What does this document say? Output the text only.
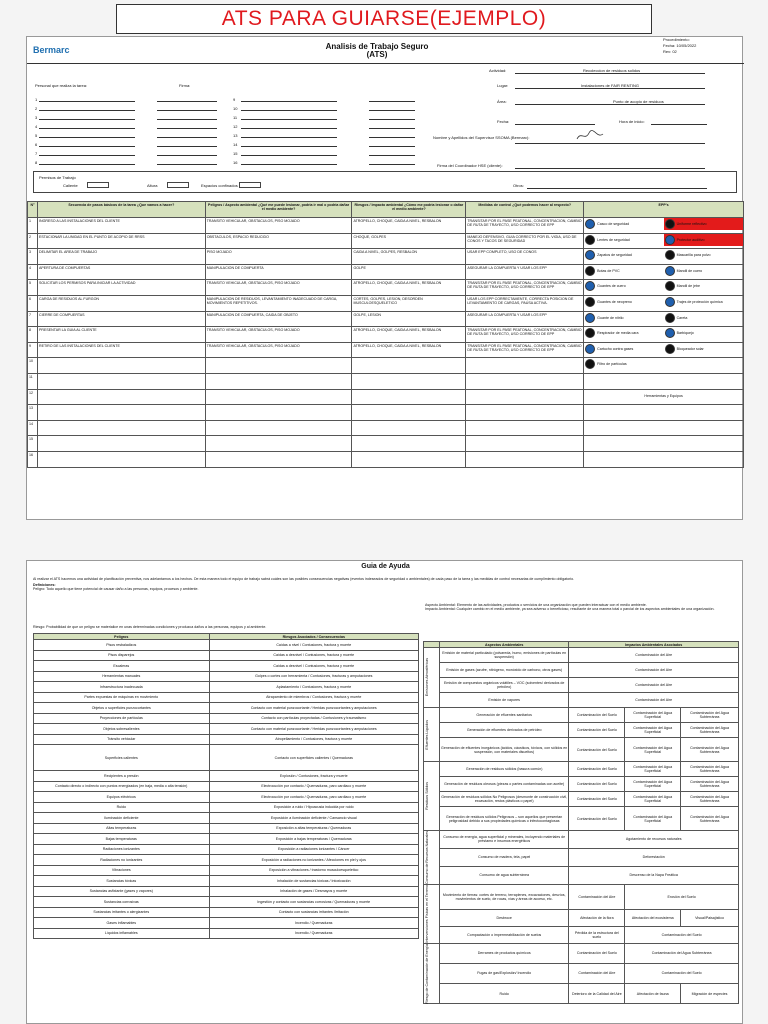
ATS PARA GUIARSE(EJEMPLO)
Bermarc	Analisis de Trabajo Seguro
(ATS)
Procedimiento:
Fecha: 10/05/2022
Rev: 02
Actividad:	Recoleccion de residuos solidos
Personal que realiza la tarea:	Firma:	Lugar:	Instalaciones de FAIR RENTING
Área:	Punto de acopio de residuos
Fecha:	Hora de inicio:
Nombre y Apellidos del Supervisor SSOMA (Bermarc):
Firma del Coordinador HSE (cliente):
1	9
2	10
3	11
4	12
5	13
6	14
7	15
8	16
Permisos de Trabajo
Caliente	Altura	Espacios confinados	Otros:
N°	Secuencia de pasos básicos de la tarea ¿Que vamos a hacer?	Peligros / Aspecto ambiental ¿Qué me puede lesionar, podria ir mal o podria dañar el medio ambiente?	Riesgos / Impacto ambiental ¿Cómo me podria lesionar o dañar el medio ambiente?	Medidas de control ¿Qué podemos hacer al respecto?	EPP's
1	INGRESO A LAS INSTALACIONES DEL CLIENTE	TRANSITO VEHICULAR, OBSTACULOS, PISO MOJADO	ATROPELLO, CHOQUE, CAIDA A NIVEL, RESBALON	TRANSITAR POR EL PASE PEATONAL, CONCENTRACION, CAMBIO DE RUTA DE TRAYECTO, USO CORRECTO DE EPP	Casco de seguridad Uniforme reflectivo

2	ESTACIONAR LA UNIDAD EN EL PUNTO DE ACOPIO DE RRSS	OBSTACULOS, ESPACIO REDUCIDO	CHOQUE, GOLPES	MANEJO DEFENSIVO, GUIA CORRECTO POR EL VIGIA, USO DE CONOS Y TACOS DE SEGURIDAD	Lentes de seguridad Protector auditivo

3	DELIMITAR EL AREA DE TRABAJO	PISO MOJADO	CAIDA A NIVEL, GOLPES, RESBALON	USAR EPP COMPLETO, USO DE CONOS	Zapatos de seguridad Mascarilla para polvo

4	APERTURA DE COMPUERTAS	MANIPULACION DE COMPUERTA	GOLPE	ASEGURAR LA COMPUERTA Y USAR LOS EPP	Botas de PVC Mandil de cuero

5	SOLICITAR LOS PERMISOS PARA INICIAR LA ACTIVIDAD	TRANSITO VEHICULAR, OBSTACULOS, PISO MOJADO	ATROPELLO, CHOQUE, CAIDA A NIVEL, RESBALON	TRANSITAR POR EL PASE PEATONAL, CONCENTRACION, CAMBIO DE RUTA DE TRAYECTO, USO CORRECTO DE EPP	Guantes de cuero Mandil de jebe

6	CARGA DE RESIDUOS AL FURGON	MANIPULACION DE RESIDUOS, LEVANTAMIENTO INADECUADO DE CARGA, MOVIMIENTOS REPETITIVOS.	CORTES, GOLPES, LESION, DESORDEN MUSCULOESQUELETICO	USAR LOS EPP CORRECTAMENTE, CORRECTA POSICION DE LEVANTAMIENTO DE CARGAS, PAUSA ACTIVA.	Guantes de neopreno Trajes de protección química

7	CIERRE DE COMPUERTAS	MANIPULACION DE COMPUERTA, CAIDA DE OBJETO	GOLPE, LESION	ASEGURAR LA COMPUERTA Y USAR LOS EPP	Guante de nitrilo Careta

8	PRESENTAR LA GUIA AL CLIENTE	TRANSITO VEHICULAR, OBSTACULOS, PISO MOJADO	ATROPELLO, CHOQUE, CAIDA A NIVEL, RESBALON	TRANSITAR POR EL PASE PEATONAL, CONCENTRACION, CAMBIO DE RUTA DE TRAYECTO, USO CORRECTO DE EPP	Respirador de media cara Barbiquejo

9	RETIRO DE LAS INSTALACIONES DEL CLIENTE	TRANSITO VEHICULAR, OBSTACULOS, PISO MOJADO	ATROPELLO, CHOQUE, CAIDA A NIVEL, RESBALON	TRANSITAR POR EL PASE PEATONAL, CONCENTRACION, CAMBIO DE RUTA DE TRAYECTO, USO CORRECTO DE EPP	Cartucho contra gases Bloqueador solar

10					Filtro de partículas

11					
12					Herramientas y Equipos

13					
14					
15					
16					
Guia de Ayuda
Al realizar el ATS hacemos una actividad de planificación preventiva, nos adelantamos a los hechos. De esta manera todo el equipo de trabajo sabrá cuáles son las posibles consecuencias negativas (eventos indeseados de seguridad o ambientales) de cada paso de la tarea y las medidas de control necesarias de cumplimiento obligatorio.
Definiciones:
Peligro: Todo aquello que tiene potencial de causar daño a las personas, equipos, procesos y ambiente.
Aspecto Ambiental: Elemento de las actividades, productos o servicios de una organización que pueden interactuar con el medio ambiente.
Impacto Ambiental: Cualquier cambio en el medio ambiente, ya sea adverso o beneficioso, resultante de una manera total o parcial de los aspectos ambientales de una organización.
Riesgo: Probabilidad de que un peligro se materialice en unas determinadas condiciones y produzca daños a las personas, equipos y al ambiente.
Peligros	Riesgos Asociados / Consecuencias
Pisos resbaladizos	Caídas a nivel / Contusiones, fractura y muerte
Pisos disparejos	Caídas a desnivel / Contusiones, fractura y muerte
Escaleras	Caídas a desnivel / Contusiones, fractura y muerte
Herramientas manuales	Golpes o cortes con herramienta / Contusiones, fracturas y amputaciones
Infraestructura inadecuada	Aplastamiento / Contusiones, fractura y muerte
Partes expuestas de máquinas en movimiento	Atrapamiento de miembros / Contusiones, fractura y muerte
Objetos o superficies punzocortantes	Contacto con material punzocortante / Heridas punzocortantes y amputaciones
Proyecciones de partículas	Contacto con partículas proyectadas / Contusiones y traumatismo
Objetos sobresalientes	Contacto con material punzocortante / Heridas punzocortantes y amputaciones
Tránsito vehicular	Atropellamiento / Contusiones, fractura y muerte
Superficies calientes	Contacto con superficies calientes / Quemaduras
Recipientes a presión	Explosión / Contusiones, fractura y muerte
Contacto directo o indirecto con puntos energizados (en baja, media o alta tensión)	Electrocución por contacto / Quemaduras, paro cardiaco y muerte
Equipos eléctricos	Electrocución por contacto / Quemaduras, paro cardiaco y muerte
Ruido	Exposición a ruido / Hipoacusia inducida por ruido
Iluminación deficiente	Exposición a iluminación deficiente / Cansancio visual
Altas temperaturas	Exposición a altas temperaturas / Quemaduras
Bajas temperaturas	Exposición a bajas temperaturas / Quemaduras
Radiaciones ionizantes	Exposición a radiaciones ionizantes / Cáncer
Radiaciones no ionizantes	Exposición a radiaciones no ionizantes / Afecciones en piel y ojos
Vibraciones	Exposición a vibraciones / trastorno musculoesqueletico
Sustancias tóxicas	Inhalación de sustancias tóxicas / Intoxicación
Sustancias asfixiante (gases y vapores)	Inhalación de gases / Desmayos y muerte
Sustancias corrosivas	Ingestión y contacto con sustancias corrosivas / Quemaduras y muerte
Sustancias irritantes o alergizantes	Contacto con sustancias irritantes /Irritación
Gases inflamables	Incendio / Quemaduras
Líquidos inflamables	Incendio / Quemaduras
	Aspectos Ambientales	Impactos Ambientales Asociados		

Emisiones Atmosféricas	Emisión de material particulado (polvareda, humo, emisiones de partículas en suspensión)	Contaminación del Aire		
	Emisión de gases (azufre, nitrógeno, monóxido de carbono, otros gases)	Contaminación del Aire		
	Emisión de compuestos orgánicos volátiles – VOC (solventes/ derivados de petróleo)	Contaminación del Aire		
	Emisión de vapores	Contaminación del Aire		

Efluentes Líquidos	Generación de efluentes sanitarios	Contaminación del Suelo	Contaminación del Agua Superficial	Contaminación del Agua Subterránea
	Generación de efluentes derivados de petróleo	Contaminación del Suelo	Contaminación del Agua Superficial	Contaminación del Agua Subterránea
	Generación de efluentes inorgánicos (ácidos, cáusticos, tóxicos, con sólidos en suspensión, con materiales disueltos)	Contaminación del Suelo	Contaminación del Agua Superficial	Contaminación del Agua Subterránea

Residuos Sólidos	Generación de residuos sólidos (basura común)	Contaminación del Suelo	Contaminación del Agua Superficial	Contaminación del Agua Subterránea
	Generación de residuos oleosos (piezas o partes contaminadas con aceite)	Contaminación del Suelo	Contaminación del Agua Superficial	Contaminación del Agua Subterránea
	Generación de residuos sólidos No Peligrosos (desmonte de construcción civil, excavación, restos plásticos o papel)	Contaminación del Suelo	Contaminación del Agua Superficial	Contaminación del Agua Subterránea
	Generación de residuos sólidos Peligrosos – son aquellos que presentan peligrosidad debido a sus propiedades químicas o infectocontagiosas	Contaminación del Suelo	Contaminación del Agua Superficial	Contaminación del Agua Subterránea

Consumo de Recursos Naturales	Consumo de energía, agua superficial y minerales, incluyendo materiales de préstamo e insumos energéticos	Agotamiento de recursos naturales		
	Consumo de madera, tela, papel	Deforestación		
	Consumo de agua subterránea	Descenso de la Napa Freática		

Intervenciones Físicas en el Terreno	Movimiento de tierras: cortes de terreno, terraplenes, excavaciones, desvíos, movimientos de suelo, de rocas, vías y áreas de acceso, etc.	Contaminación del Aire	Erosión del Suelo	
	Desbroce	Afectación de la flora	Afectación del ecosistema	Visual/Paisajístico
	Compactación o impermeabilización de suelos	Pérdida de la estructura del suelo	Contaminación del Suelo	

Riesgo de Contaminación de Energía	Derrames de productos químicos	Contaminación del Suelo	Contaminación del Agua Subterránea	
	Fugas de gas/Explosión/ Incendio	Contaminación del Aire	Contaminación del Suelo	
	Ruido	Deterioro de la Calidad del Aire	Afectación de fauna	Migración de especies
